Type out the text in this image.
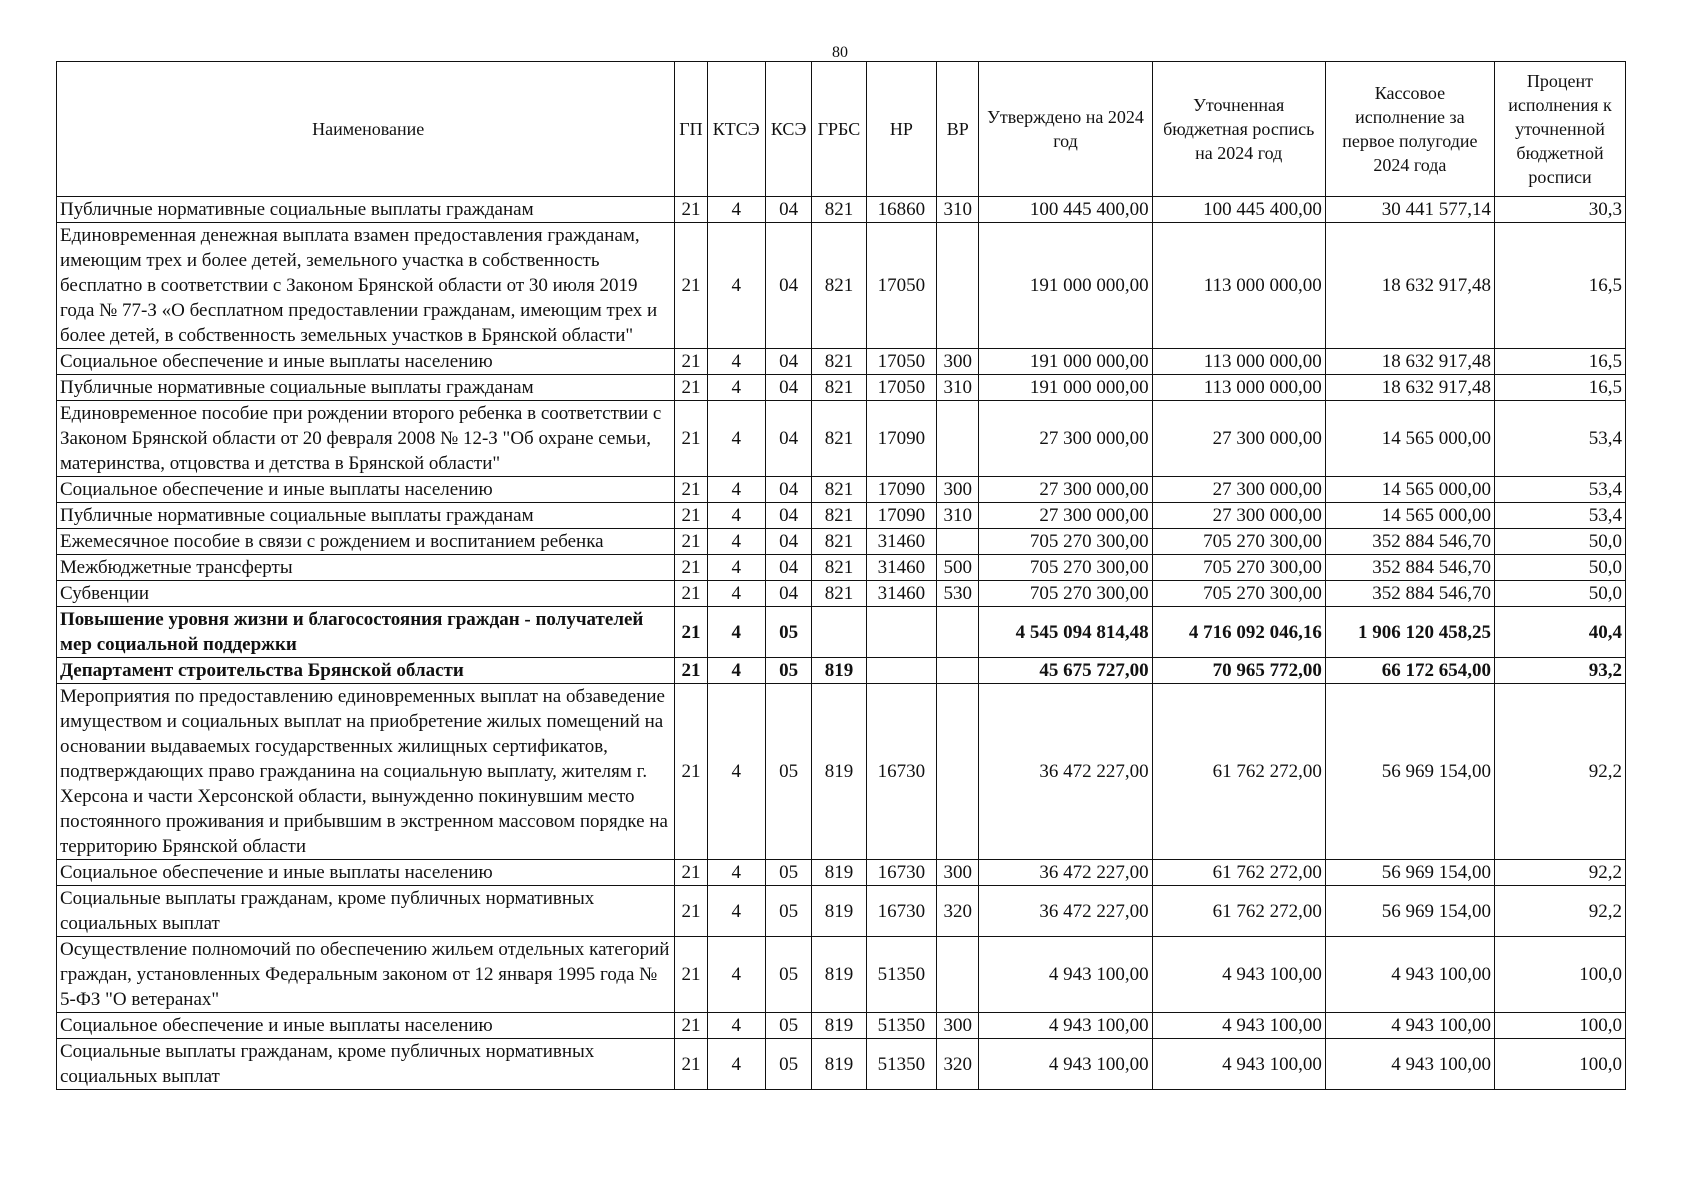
80
Наименование	ГП	КТСЭ	КСЭ	ГРБС	НР	ВР	Утверждено на 2024 год	Уточненная бюджетная роспись на 2024 год	Кассовое исполнение за первое полугодие 2024 года	Процент исполнения к уточненной бюджетной росписи
Публичные нормативные социальные выплаты гражданам	21	4	04	821	16860	310	100 445 400,00	100 445 400,00	30 441 577,14	30,3
Единовременная денежная выплата взамен предоставления гражданам, имеющим трех и более детей, земельного участка в собственность бесплатно в соответствии с Законом Брянской области от 30 июля 2019 года № 77-З «О бесплатном предоставлении гражданам, имеющим трех и более детей, в собственность земельных участков в Брянской области"	21	4	04	821	17050		191 000 000,00	113 000 000,00	18 632 917,48	16,5
Социальное обеспечение и иные выплаты населению	21	4	04	821	17050	300	191 000 000,00	113 000 000,00	18 632 917,48	16,5
Публичные нормативные социальные выплаты гражданам	21	4	04	821	17050	310	191 000 000,00	113 000 000,00	18 632 917,48	16,5
Единовременное пособие при рождении второго ребенка в соответствии с Законом Брянской области от 20 февраля 2008 № 12-З "Об охране семьи, материнства, отцовства и детства в Брянской области"	21	4	04	821	17090		27 300 000,00	27 300 000,00	14 565 000,00	53,4
Социальное обеспечение и иные выплаты населению	21	4	04	821	17090	300	27 300 000,00	27 300 000,00	14 565 000,00	53,4
Публичные нормативные социальные выплаты гражданам	21	4	04	821	17090	310	27 300 000,00	27 300 000,00	14 565 000,00	53,4
Ежемесячное пособие в связи с рождением и воспитанием ребенка	21	4	04	821	31460		705 270 300,00	705 270 300,00	352 884 546,70	50,0
Межбюджетные трансферты	21	4	04	821	31460	500	705 270 300,00	705 270 300,00	352 884 546,70	50,0
Субвенции	21	4	04	821	31460	530	705 270 300,00	705 270 300,00	352 884 546,70	50,0
Повышение уровня жизни и благосостояния граждан - получателей мер социальной поддержки	21	4	05				4 545 094 814,48	4 716 092 046,16	1 906 120 458,25	40,4
Департамент строительства Брянской области	21	4	05	819			45 675 727,00	70 965 772,00	66 172 654,00	93,2
Мероприятия по предоставлению единовременных выплат на обзаведение имуществом и социальных выплат на приобретение жилых помещений на основании выдаваемых государственных жилищных сертификатов, подтверждающих право гражданина на социальную выплату, жителям г. Херсона и части Херсонской области, вынужденно покинувшим место постоянного проживания и прибывшим в экстренном массовом порядке на территорию Брянской области	21	4	05	819	16730		36 472 227,00	61 762 272,00	56 969 154,00	92,2
Социальное обеспечение и иные выплаты населению	21	4	05	819	16730	300	36 472 227,00	61 762 272,00	56 969 154,00	92,2
Социальные выплаты гражданам, кроме публичных нормативных социальных выплат	21	4	05	819	16730	320	36 472 227,00	61 762 272,00	56 969 154,00	92,2
Осуществление полномочий по обеспечению жильем отдельных категорий граждан, установленных Федеральным законом от 12 января 1995 года № 5-ФЗ "О ветеранах"	21	4	05	819	51350		4 943 100,00	4 943 100,00	4 943 100,00	100,0
Социальное обеспечение и иные выплаты населению	21	4	05	819	51350	300	4 943 100,00	4 943 100,00	4 943 100,00	100,0
Социальные выплаты гражданам, кроме публичных нормативных социальных выплат	21	4	05	819	51350	320	4 943 100,00	4 943 100,00	4 943 100,00	100,0
